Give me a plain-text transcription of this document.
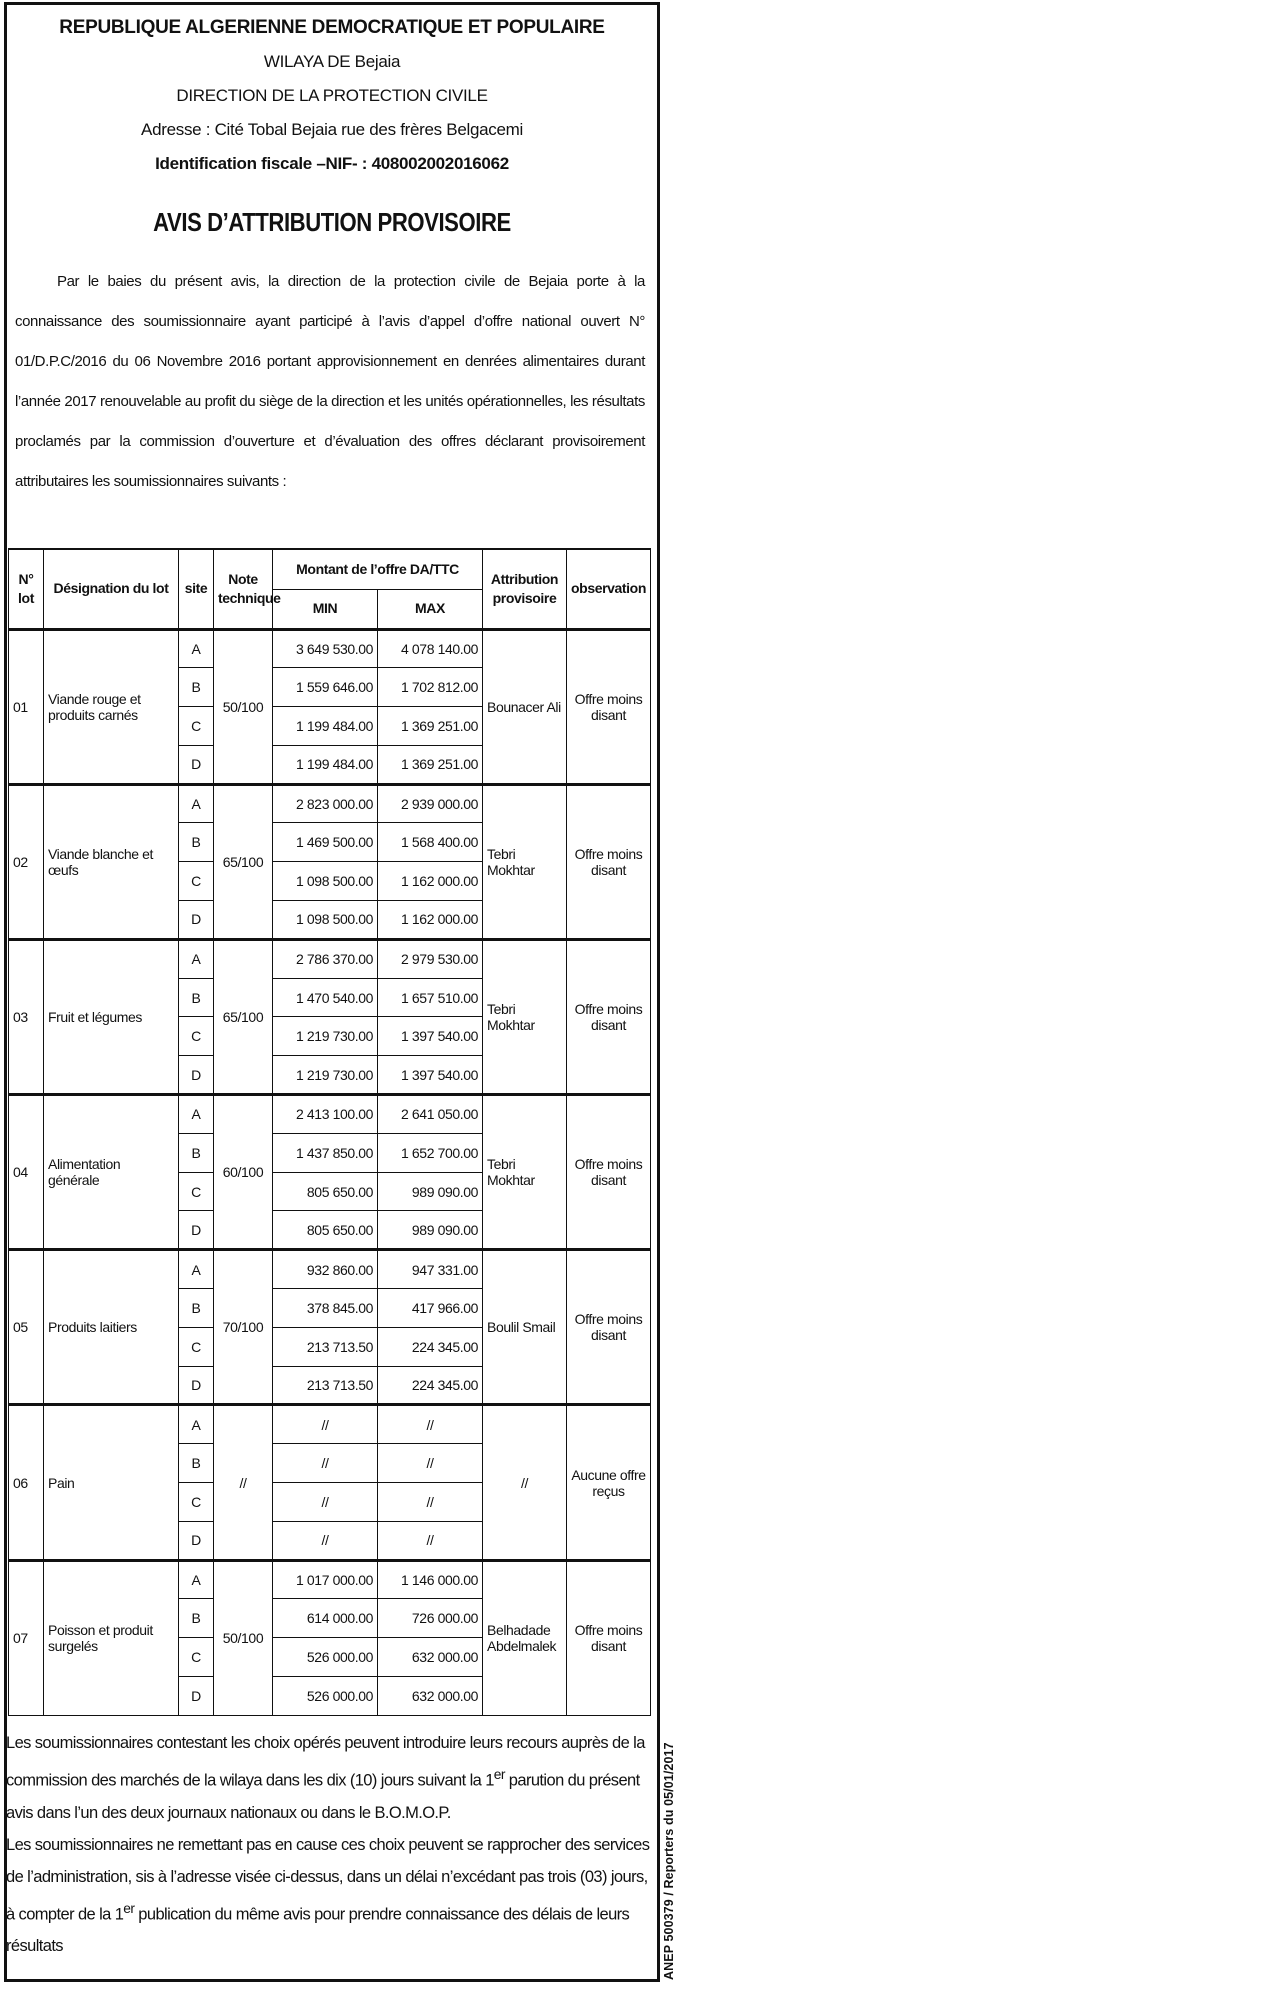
REPUBLIQUE ALGERIENNE DEMOCRATIQUE ET POPULAIRE
WILAYA DE Bejaia
DIRECTION DE LA PROTECTION CIVILE
Adresse : Cité Tobal Bejaia rue des frères Belgacemi
Identification fiscale –NIF- : 408002002016062
AVIS D’ATTRIBUTION PROVISOIRE

Par le baies du présent avis, la direction de la protection civile de Bejaia porte à la connaissance des soumissionnaire ayant participé à l’avis d’appel d’offre national ouvert N° 01/D.P.C/2016 du 06 Novembre 2016 portant approvisionnement en denrées alimentaires durant l’année 2017 renouvelable au profit du siège de la direction et les unités opérationnelles, les résultats proclamés par la commission d’ouverture et d’évaluation des offres déclarant provisoirement attributaires les soumissionnaires suivants :

N° lot	Désignation du lot	site	Note technique	Montant de l’offre DA/TTC		Attribution provisoire	observation
				MIN	MAX		
01	Viande rouge et produits carnés	A	50/100	3 649 530.00	4 078 140.00	Bounacer Ali	Offre moins disant
		B		1 559 646.00	1 702 812.00		
		C		1 199 484.00	1 369 251.00		
		D		1 199 484.00	1 369 251.00		
02	Viande blanche et œufs	A	65/100	2 823 000.00	2 939 000.00	Tebri Mokhtar	Offre moins disant
		B		1 469 500.00	1 568 400.00		
		C		1 098 500.00	1 162 000.00		
		D		1 098 500.00	1 162 000.00		
03	Fruit et légumes	A	65/100	2 786 370.00	2 979 530.00	Tebri Mokhtar	Offre moins disant
		B		1 470 540.00	1 657 510.00		
		C		1 219 730.00	1 397 540.00		
		D		1 219 730.00	1 397 540.00		
04	Alimentation générale	A	60/100	2 413 100.00	2 641 050.00	Tebri Mokhtar	Offre moins disant
		B		1 437 850.00	1 652 700.00		
		C		805 650.00	989 090.00		
		D		805 650.00	989 090.00		
05	Produits laitiers	A	70/100	932 860.00	947 331.00	Boulil Smail	Offre moins disant
		B		378 845.00	417 966.00		
		C		213 713.50	224 345.00		
		D		213 713.50	224 345.00		
06	Pain	A	//	//	//	//	Aucune offre reçus
		B		//	//		
		C		//	//		
		D		//	//		
07	Poisson et produit surgelés	A	50/100	1 017 000.00	1 146 000.00	Belhadade Abdelmalek	Offre moins disant
		B		614 000.00	726 000.00		
		C		526 000.00	632 000.00		
		D		526 000.00	632 000.00		

Les soumissionnaires contestant les choix opérés peuvent introduire leurs recours auprès de la commission des marchés de la wilaya dans les dix (10) jours suivant la 1er parution du présent avis dans l’un des deux journaux nationaux ou dans le B.O.M.O.P.

Les soumissionnaires ne remettant pas en cause ces choix peuvent se rapprocher des services de l’administration, sis à l’adresse visée ci-dessus, dans un délai n’excédant pas trois (03) jours, à compter de la 1er publication du même avis pour prendre connaissance des délais de leurs résultats	ANEP 500379 / Reporters du 05/01/2017
